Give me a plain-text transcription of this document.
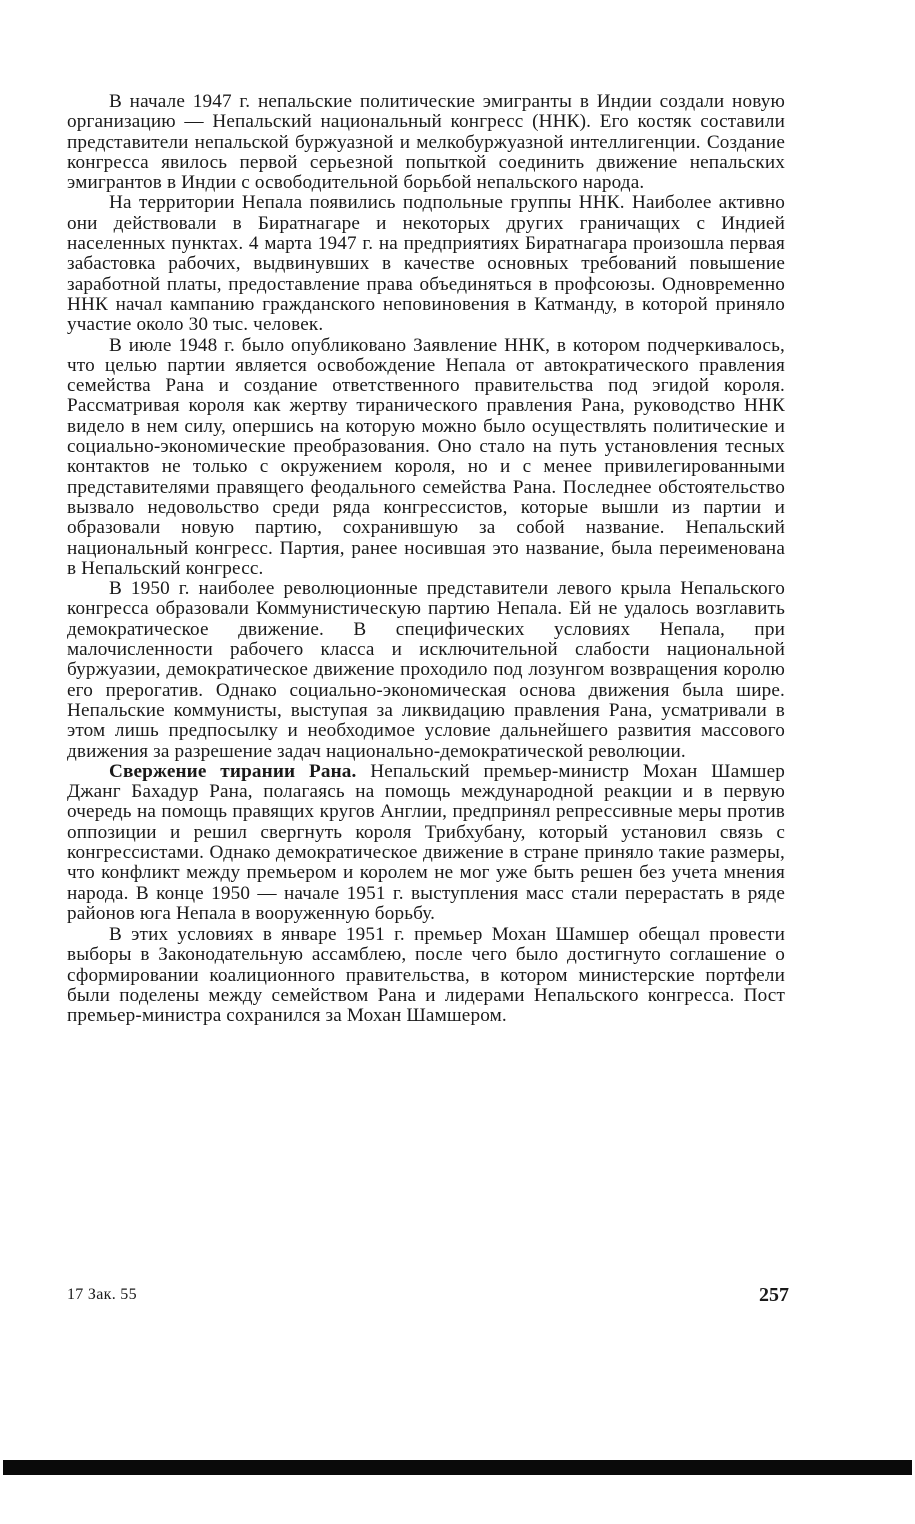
В начале 1947 г. непальские политические эмигранты в Индии создали новую организацию — Непальский национальный конгресс (ННК). Его костяк составили представители непальской буржуазной и мелкобуржуазной интеллигенции. Создание конгресса явилось первой серьезной попыткой соединить движение непальских эмигрантов в Индии с освободительной борьбой непальского народа.

На территории Непала появились подпольные группы ННК. Наиболее активно они действовали в Биратнагаре и некоторых других граничащих с Индией населенных пунктах. 4 марта 1947 г. на предприятиях Биратнагара произошла первая забастовка рабочих, выдвинувших в качестве основных требований повышение заработной платы, предоставление права объединяться в профсоюзы. Одновременно ННК начал кампанию гражданского неповиновения в Катманду, в которой приняло участие около 30 тыс. человек.

В июле 1948 г. было опубликовано Заявление ННК, в котором подчеркивалось, что целью партии является освобождение Непала от автократического правления семейства Рана и создание ответственного правительства под эгидой короля. Рассматривая короля как жертву тиранического правления Рана, руководство ННК видело в нем силу, опершись на которую можно было осуществлять политические и социально-экономические преобразования. Оно стало на путь установления тесных контактов не только с окружением короля, но и с менее привилегированными представителями правящего феодального семейства Рана. Последнее обстоятельство вызвало недовольство среди ряда конгрессистов, которые вышли из партии и образовали новую партию, сохранившую за собой название. Непальский национальный конгресс. Партия, ранее носившая это название, была переименована в Непальский конгресс.

В 1950 г. наиболее революционные представители левого крыла Непальского конгресса образовали Коммунистическую партию Непала. Ей не удалось возглавить демократическое движение. В специфических условиях Непала, при малочисленности рабочего класса и исключительной слабости национальной буржуазии, демократическое движение проходило под лозунгом возвращения королю его прерогатив. Однако социально-экономическая основа движения была шире. Непальские коммунисты, выступая за ликвидацию правления Рана, усматривали в этом лишь предпосылку и необходимое условие дальнейшего развития массового движения за разрешение задач национально-демократической революции.

Свержение тирании Рана. Непальский премьер-министр Мохан Шамшер Джанг Бахадур Рана, полагаясь на помощь международной реакции и в первую очередь на помощь правящих кругов Англии, предпринял репрессивные меры против оппозиции и решил свергнуть короля Трибхубану, который установил связь с конгрессистами. Однако демократическое движение в стране приняло такие размеры, что конфликт между премьером и королем не мог уже быть решен без учета мнения народа. В конце 1950 — начале 1951 г. выступления масс стали перерастать в ряде районов юга Непала в вооруженную борьбу.

В этих условиях в январе 1951 г. премьер Мохан Шамшер обещал провести выборы в Законодательную ассамблею, после чего было достигнуто соглашение о сформировании коалиционного правительства, в котором министерские портфели были поделены между семейством Рана и лидерами Непальского конгресса. Пост премьер-министра сохранился за Мохан Шамшером.

17 Зак. 55	257
